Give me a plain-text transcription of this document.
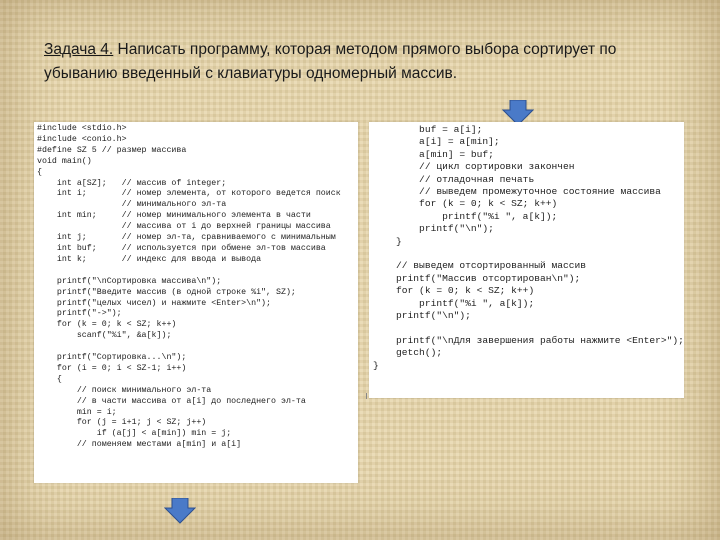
Задача 4. Написать программу, которая методом прямого выбора сортирует по убыванию введенный с клавиатуры одномерный массив.
#include <stdio.h>
#include <conio.h>
#define SZ 5 // размер массива
void main()
{
int a[SZ];   // массив of integer;
int i;       // номер элемента, от которого ведется поиск
// минимального эл-та
int min;     // номер минимального элемента в части
// массива от i до верхней границы массива
int j;       // номер эл-та, сравниваемого с минимальным
int buf;     // используется при обмене эл-тов массива
int k;       // индекс для ввода и вывода

printf("\nСортировка массива\n");
printf("Введите массив (в одной строке %i", SZ);
printf("целых чисел) и нажмите <Enter>\n");
printf("->");
for (k = 0; k < SZ; k++)
scanf("%i", &a[k]);

printf("Сортировка...\n");
for (i = 0; i < SZ-1; i++)
{
// поиск минимального эл-та
// в части массива от a[i] до последнего эл-та
min = i;
for (j = i+1; j < SZ; j++)
if (a[j] < a[min]) min = j;
// поменяем местами a[min] и a[i]
buf = a[i];
a[i] = a[min];
a[min] = buf;
// цикл сортировки закончен
// отладочная печать
// выведем промежуточное состояние массива
for (k = 0; k < SZ; k++)
printf("%i ", a[k]);
printf("\n");
}

// выведем отсортированный массив
printf("Массив отсортирован\n");
for (k = 0; k < SZ; k++)
printf("%i ", a[k]);
printf("\n");

printf("\nДля завершения работы нажмите <Enter>");
getch();
}
